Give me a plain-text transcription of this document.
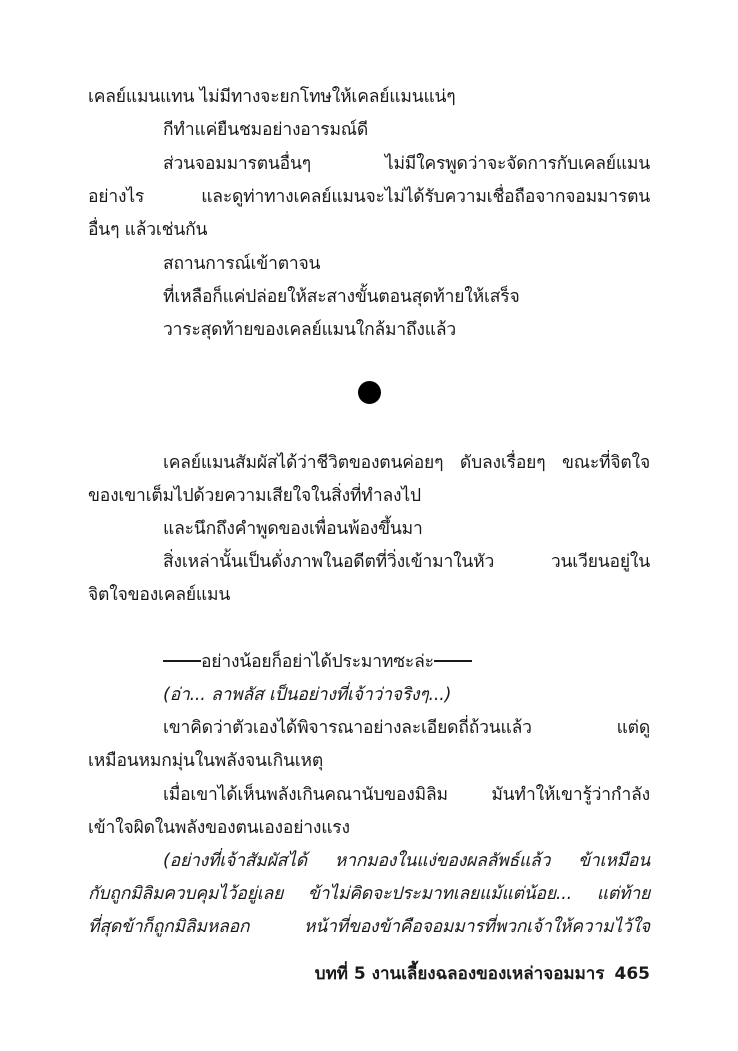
เคลย์แมนแทน ไม่มีทางจะยกโทษให้เคลย์แมนแน่ๆ
กีทำแค่ยืนชมอย่างอารมณ์ดี
ส่วนจอมมารตนอื่นๆ ไม่มีใครพูดว่าจะจัดการกับเคลย์แมน
อย่างไร และดูท่าทางเคลย์แมนจะไม่ได้รับความเชื่อถือจากจอมมารตน
อื่นๆ แล้วเช่นกัน
สถานการณ์เข้าตาจน
ที่เหลือก็แค่ปล่อยให้สะสางขั้นตอนสุดท้ายให้เสร็จ
วาระสุดท้ายของเคลย์แมนใกล้มาถึงแล้ว
เคลย์แมนสัมผัสได้ว่าชีวิตของตนค่อยๆ ดับลงเรื่อยๆ ขณะที่จิตใจ
ของเขาเต็มไปด้วยความเสียใจในสิ่งที่ทำลงไป
และนึกถึงคำพูดของเพื่อนพ้องขึ้นมา
สิ่งเหล่านั้นเป็นดั่งภาพในอดีตที่วิ่งเข้ามาในหัว วนเวียนอยู่ใน
จิตใจของเคลย์แมน
อย่างน้อยก็อย่าได้ประมาทซะล่ะ
(อ่า... ลาพลัส เป็นอย่างที่เจ้าว่าจริงๆ...)
เขาคิดว่าตัวเองได้พิจารณาอย่างละเอียดถี่ถ้วนแล้ว แต่ดู
เหมือนหมกมุ่นในพลังจนเกินเหตุ
เมื่อเขาได้เห็นพลังเกินคณานับของมิลิม มันทำให้เขารู้ว่ากำลัง
เข้าใจผิดในพลังของตนเองอย่างแรง
(อย่างที่เจ้าสัมผัสได้ หากมองในแง่ของผลลัพธ์แล้ว ข้าเหมือน
กับถูกมิลิมควบคุมไว้อยู่เลย ข้าไม่คิดจะประมาทเลยแม้แต่น้อย... แต่ท้าย
ที่สุดข้าก็ถูกมิลิมหลอก หน้าที่ของข้าคือจอมมารที่พวกเจ้าให้ความไว้ใจ
บทที่ 5 งานเลี้ยงฉลองของเหล่าจอมมาร 465
